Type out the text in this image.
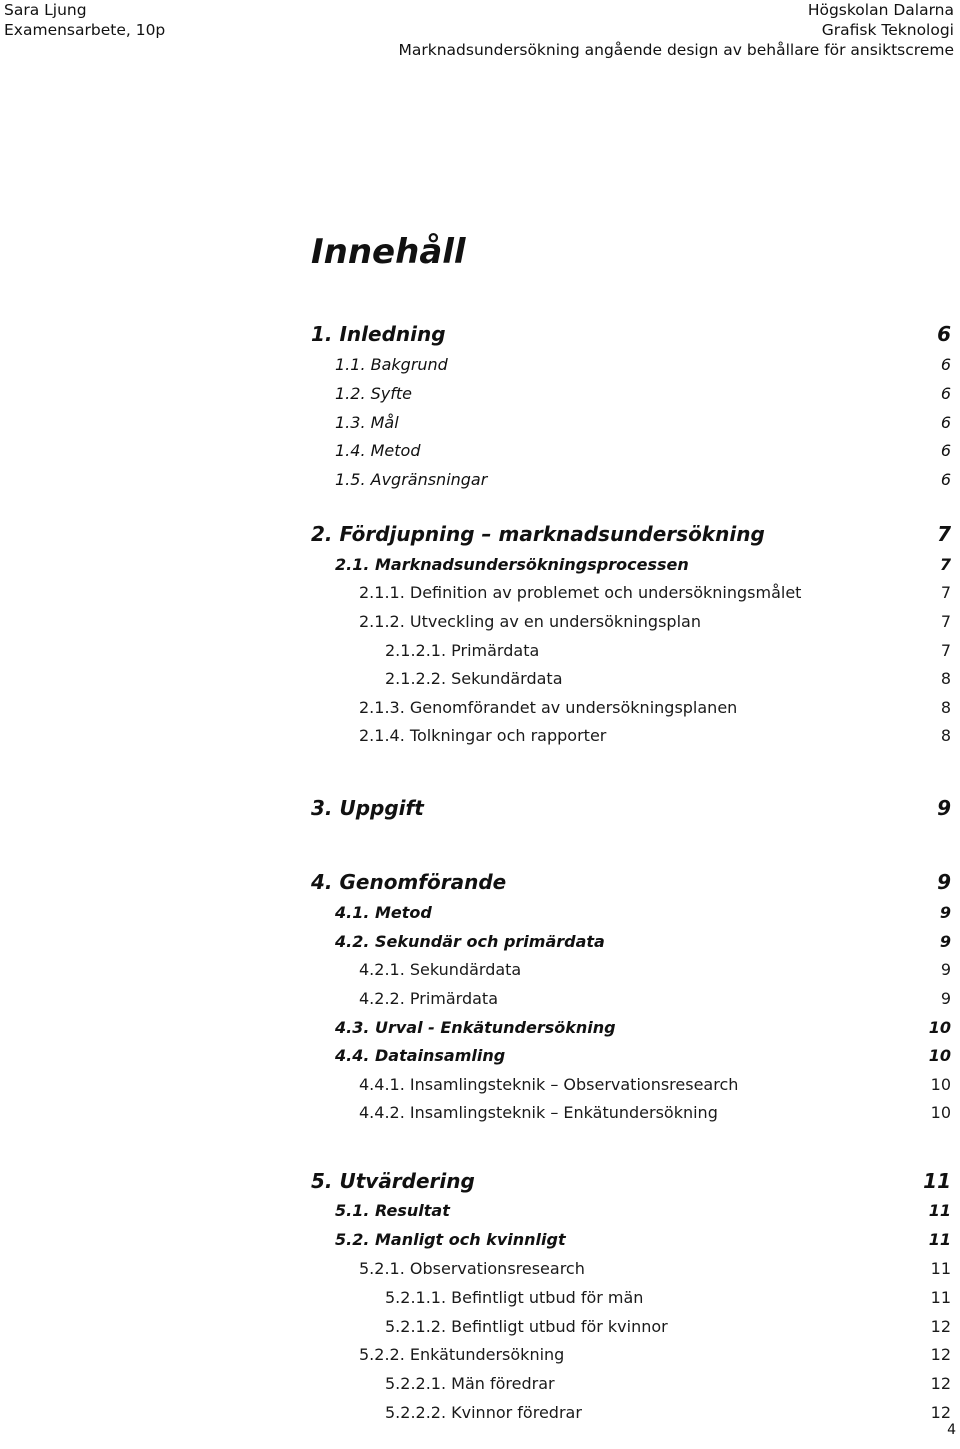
Sara Ljung
Examensarbete, 10p
Högskolan Dalarna
Grafisk Teknologi
Marknadsundersökning angående design av behållare för ansiktscreme
Innehåll
1. Inledning	6
1.1. Bakgrund	6
1.2. Syfte	6
1.3. Mål	6
1.4. Metod	6
1.5. Avgränsningar	6
2. Fördjupning – marknadsundersökning	7
2.1. Marknadsundersökningsprocessen	7
2.1.1. Definition av problemet och undersökningsmålet	7
2.1.2. Utveckling av en undersökningsplan	7
2.1.2.1. Primärdata	7
2.1.2.2. Sekundärdata	8
2.1.3. Genomförandet av undersökningsplanen	8
2.1.4. Tolkningar och rapporter	8
3. Uppgift	9
4. Genomförande	9
4.1. Metod	9
4.2. Sekundär och primärdata	9
4.2.1. Sekundärdata	9
4.2.2. Primärdata	9
4.3. Urval - Enkätundersökning	10
4.4. Datainsamling	10
4.4.1. Insamlingsteknik – Observationsresearch	10
4.4.2. Insamlingsteknik – Enkätundersökning	10
5. Utvärdering	11
5.1. Resultat	11
5.2. Manligt och kvinnligt	11
5.2.1. Observationsresearch	11
5.2.1.1. Befintligt utbud för män	11
5.2.1.2. Befintligt utbud för kvinnor	12
5.2.2. Enkätundersökning	12
5.2.2.1. Män föredrar	12
5.2.2.2. Kvinnor föredrar	12
4
